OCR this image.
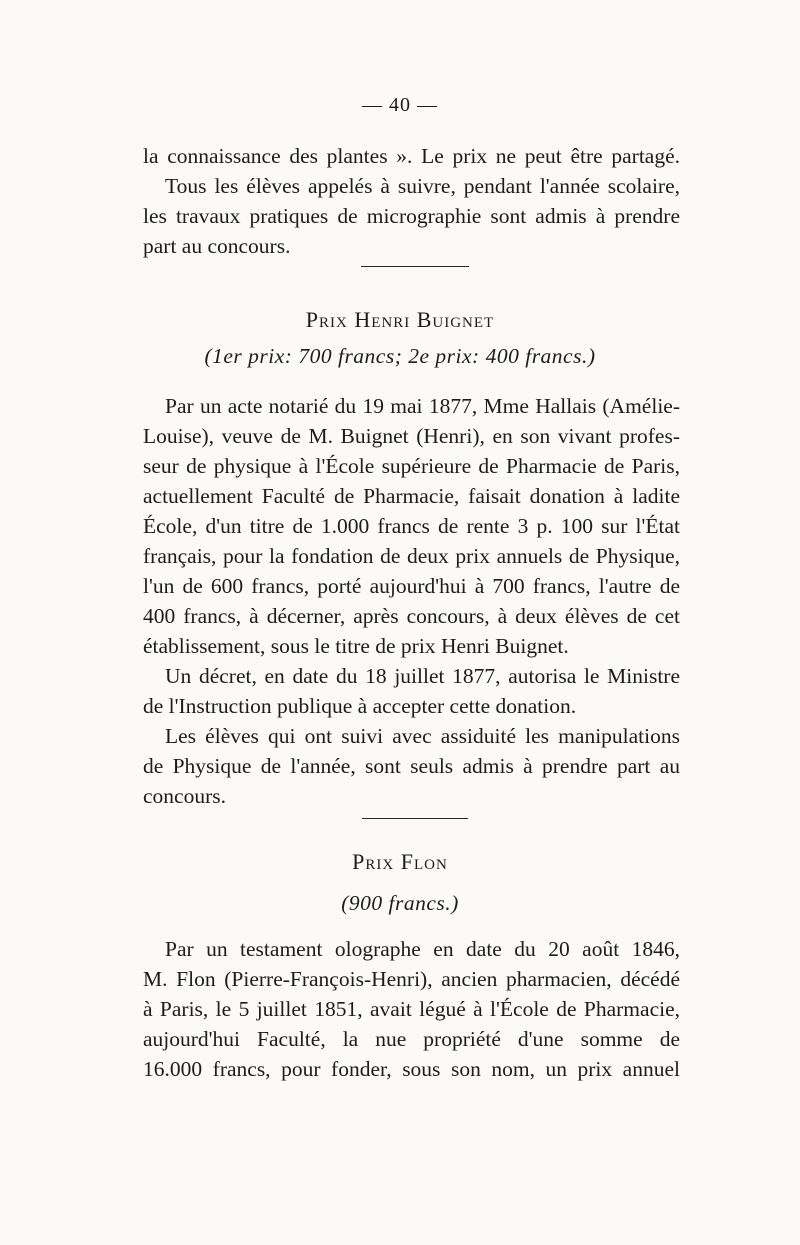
— 40 —
la connaissance des plantes ». Le prix ne peut être partagé.
Tous les élèves appelés à suivre, pendant l'année scolaire,
les travaux pratiques de micrographie sont admis à prendre
part au concours.
Prix Henri Buignet
(1er prix: 700 francs; 2e prix: 400 francs.)
Par un acte notarié du 19 mai 1877, Mme Hallais (Amélie-
Louise), veuve de M. Buignet (Henri), en son vivant profes-
seur de physique à l'École supérieure de Pharmacie de Paris,
actuellement Faculté de Pharmacie, faisait donation à ladite
École, d'un titre de 1.000 francs de rente 3 p. 100 sur l'État
français, pour la fondation de deux prix annuels de Physique,
l'un de 600 francs, porté aujourd'hui à 700 francs, l'autre de
400 francs, à décerner, après concours, à deux élèves de cet
établissement, sous le titre de prix Henri Buignet.
Un décret, en date du 18 juillet 1877, autorisa le Ministre
de l'Instruction publique à accepter cette donation.
Les élèves qui ont suivi avec assiduité les manipulations
de Physique de l'année, sont seuls admis à prendre part au
concours.
Prix Flon
(900 francs.)
Par un testament olographe en date du 20 août 1846,
M. Flon (Pierre-François-Henri), ancien pharmacien, décédé
à Paris, le 5 juillet 1851, avait légué à l'École de Pharmacie,
aujourd'hui Faculté, la nue propriété d'une somme de
16.000 francs, pour fonder, sous son nom, un prix annuel
